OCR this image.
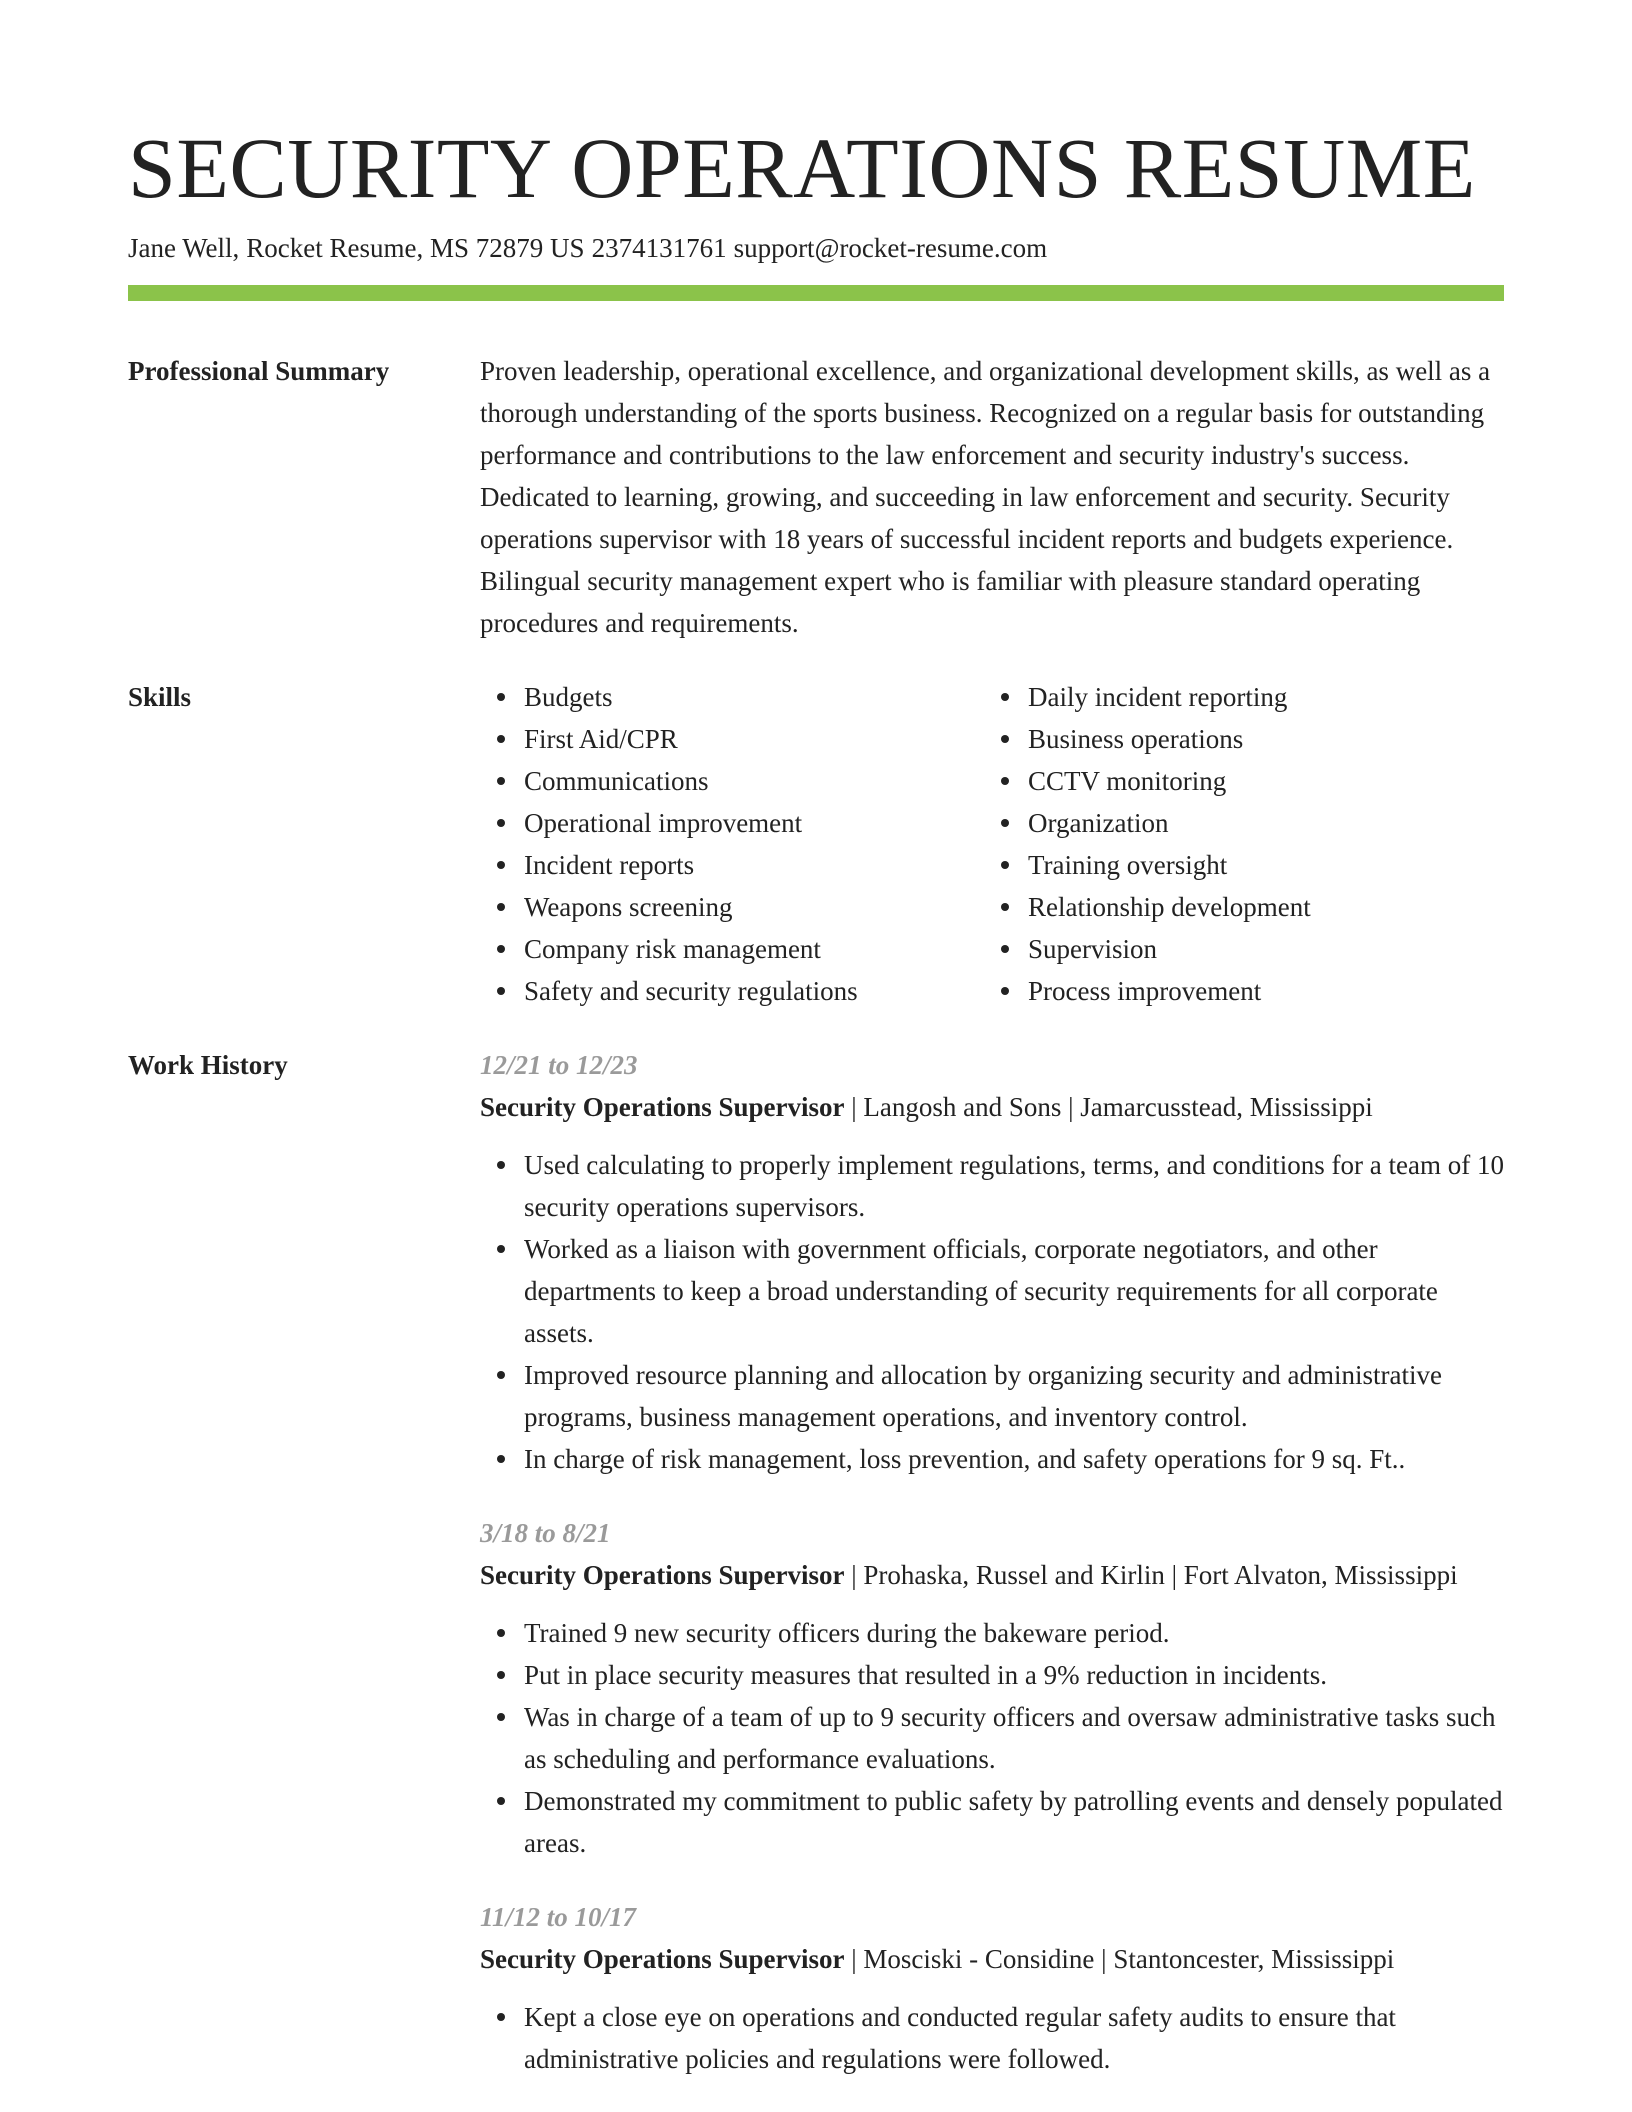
SECURITY OPERATIONS RESUME
Jane Well, Rocket Resume, MS 72879 US 2374131761 support@rocket-resume.com
Professional Summary	Proven leadership, operational excellence, and organizational development skills, as well as a thorough understanding of the sports business. Recognized on a regular basis for outstanding performance and contributions to the law enforcement and security industry's success. Dedicated to learning, growing, and succeeding in law enforcement and security. Security operations supervisor with 18 years of successful incident reports and budgets experience. Bilingual security management expert who is familiar with pleasure standard operating procedures and requirements.

Skills	Budgets
First Aid/CPR
Communications
Operational improvement
Incident reports
Weapons screening
Company risk management
Safety and security regulations
Daily incident reporting
Business operations
CCTV monitoring
Organization
Training oversight
Relationship development
Supervision
Process improvement
Work History	12/21 to 12/23
Security Operations Supervisor | Langosh and Sons | Jamarcusstead, Mississippi
Used calculating to properly implement regulations, terms, and conditions for a team of 10 security operations supervisors.
Worked as a liaison with government officials, corporate negotiators, and other departments to keep a broad understanding of security requirements for all corporate assets.
Improved resource planning and allocation by organizing security and administrative programs, business management operations, and inventory control.
In charge of risk management, loss prevention, and safety operations for 9 sq. Ft..
3/18 to 8/21
Security Operations Supervisor | Prohaska, Russel and Kirlin | Fort Alvaton, Mississippi
Trained 9 new security officers during the bakeware period.
Put in place security measures that resulted in a 9% reduction in incidents.
Was in charge of a team of up to 9 security officers and oversaw administrative tasks such as scheduling and performance evaluations.
Demonstrated my commitment to public safety by patrolling events and densely populated areas.
11/12 to 10/17
Security Operations Supervisor | Mosciski - Considine | Stantoncester, Mississippi
Kept a close eye on operations and conducted regular safety audits to ensure that administrative policies and regulations were followed.
